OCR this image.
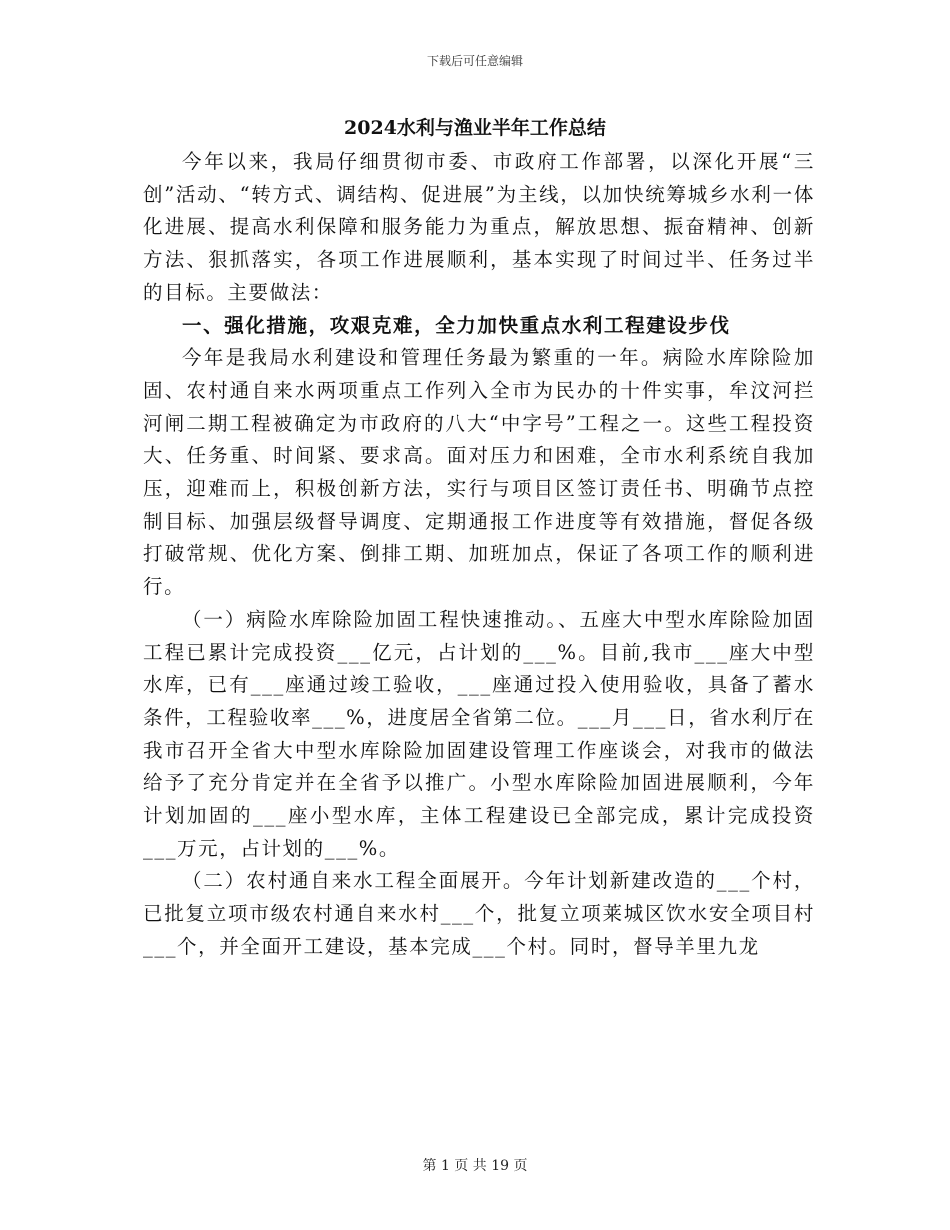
下载后可任意编辑
2024水利与渔业半年工作总结

今年以来，我局仔细贯彻市委、市政府工作部署，以深化开展“三创”活动、“转方式、调结构、促进展”为主线，以加快统筹城乡水利一体化进展、提高水利保障和服务能力为重点，解放思想、振奋精神、创新方法、狠抓落实，各项工作进展顺利，基本实现了时间过半、任务过半的目标。主要做法：

一、强化措施，攻艰克难，全力加快重点水利工程建设步伐

今年是我局水利建设和管理任务最为繁重的一年。病险水库除险加固、农村通自来水两项重点工作列入全市为民办的十件实事，牟汶河拦河闸二期工程被确定为市政府的八大“中字号”工程之一。这些工程投资大、任务重、时间紧、要求高。面对压力和困难，全市水利系统自我加压，迎难而上，积极创新方法，实行与项目区签订责任书、明确节点控制目标、加强层级督导调度、定期通报工作进度等有效措施，督促各级打破常规、优化方案、倒排工期、加班加点，保证了各项工作的顺利进行。

（一）病险水库除险加固工程快速推动。、五座大中型水库除险加固工程已累计完成投资___亿元，占计划的___%。目前,我市___座大中型水库，已有___座通过竣工验收，___座通过投入使用验收，具备了蓄水条件，工程验收率___%，进度居全省第二位。___月___日，省水利厅在我市召开全省大中型水库除险加固建设管理工作座谈会，对我市的做法给予了充分肯定并在全省予以推广。小型水库除险加固进展顺利，今年计划加固的___座小型水库，主体工程建设已全部完成，累计完成投资___万元，占计划的___%。

（二）农村通自来水工程全面展开。今年计划新建改造的___个村，已批复立项市级农村通自来水村___个，批复立项莱城区饮水安全项目村___个，并全面开工建设，基本完成___个村。同时，督导羊里九龙

第 1 页 共 19 页
